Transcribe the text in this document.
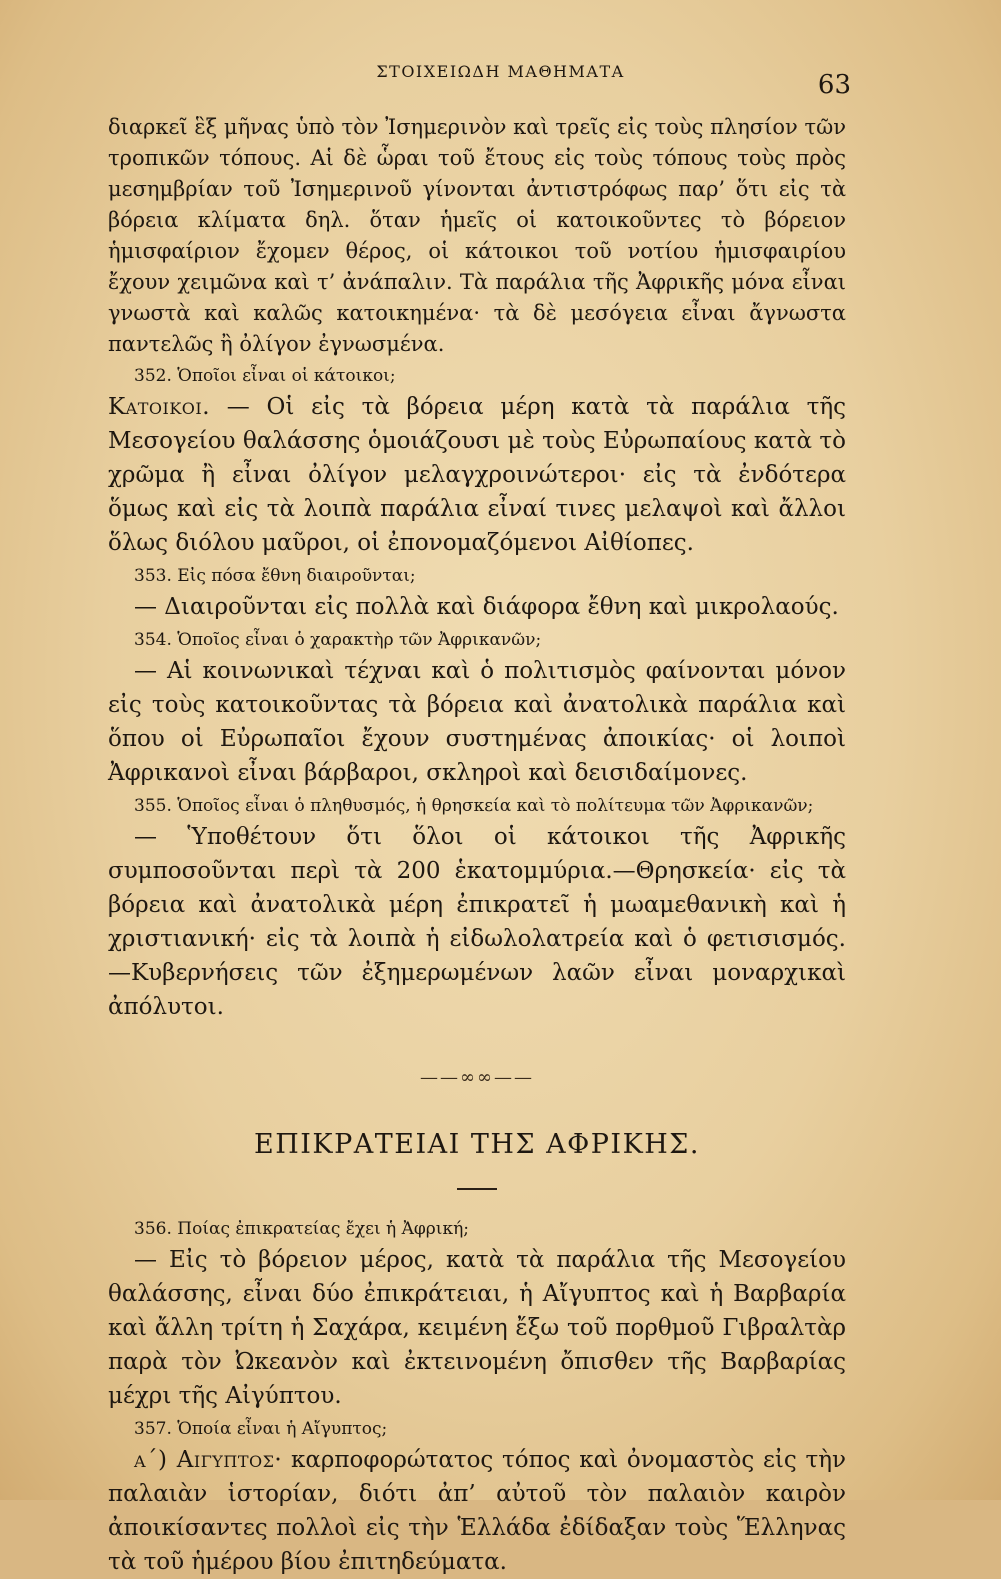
ΣΤΟΙΧΕΙΩΔΗ ΜΑΘΗΜΑΤΑ	63

διαρκεῖ ἓξ μῆνας ὑπὸ τὸν Ἰσημερινὸν καὶ τρεῖς εἰς τοὺς πλησίον τῶν τροπικῶν τόπους. Αἱ δὲ ὧραι τοῦ ἔτους εἰς τοὺς τόπους τοὺς πρὸς μεσημβρίαν τοῦ Ἰσημερινοῦ γίνονται ἀντιστρόφως παρ’ ὅτι εἰς τὰ βόρεια κλίματα δηλ. ὅταν ἡμεῖς οἱ κατοικοῦντες τὸ βόρειον ἡμισφαίριον ἔχομεν θέρος, οἱ κάτοικοι τοῦ νοτίου ἡμισφαιρίου ἔχουν χειμῶνα καὶ τ’ ἀνάπαλιν. Τὰ παράλια τῆς Ἀφρικῆς μόνα εἶναι γνωστὰ καὶ καλῶς κατοικημένα· τὰ δὲ μεσόγεια εἶναι ἄγνωστα παντελῶς ἢ ὀλίγον ἐγνωσμένα.

352. Ὁποῖοι εἶναι οἱ κάτοικοι;

Κατοικοι. — Οἱ εἰς τὰ βόρεια μέρη κατὰ τὰ παράλια τῆς Μεσογείου θαλάσσης ὁμοιάζουσι μὲ τοὺς Εὐρωπαίους κατὰ τὸ χρῶμα ἢ εἶναι ὀλίγον μελαγχροινώτεροι· εἰς τὰ ἐνδότερα ὅμως καὶ εἰς τὰ λοιπὰ παράλια εἶναί τινες μελαψοὶ καὶ ἄλλοι ὅλως διόλου μαῦροι, οἱ ἐπονομαζόμενοι Αἰθίοπες.

353. Εἰς πόσα ἔθνη διαιροῦνται;

— Διαιροῦνται εἰς πολλὰ καὶ διάφορα ἔθνη καὶ μικρολαούς.

354. Ὁποῖος εἶναι ὁ χαρακτὴρ τῶν Ἀφρικανῶν;

— Αἱ κοινωνικαὶ τέχναι καὶ ὁ πολιτισμὸς φαίνονται μόνον εἰς τοὺς κατοικοῦντας τὰ βόρεια καὶ ἀνατολικὰ παράλια καὶ ὅπου οἱ Εὐρωπαῖοι ἔχουν συστημένας ἀποικίας· οἱ λοιποὶ Ἀφρικανοὶ εἶναι βάρβαροι, σκληροὶ καὶ δεισιδαίμονες.

355. Ὁποῖος εἶναι ὁ πληθυσμός, ἡ θρησκεία καὶ τὸ πολίτευμα τῶν Ἀφρικανῶν;

— Ὑποθέτουν ὅτι ὅλοι οἱ κάτοικοι τῆς Ἀφρικῆς συμποσοῦνται περὶ τὰ 200 ἑκατομμύρια.—Θρησκεία· εἰς τὰ βόρεια καὶ ἀνατολικὰ μέρη ἐπικρατεῖ ἡ μωαμεθανικὴ καὶ ἡ χριστιανική· εἰς τὰ λοιπὰ ἡ εἰδωλολατρεία καὶ ὁ φετισισμός.—Κυβερνήσεις τῶν ἐξημερωμένων λαῶν εἶναι μοναρχικαὶ ἀπόλυτοι.

——∞∞——
ΕΠΙΚΡΑΤΕΙΑΙ ΤΗΣ ΑΦΡΙΚΗΣ.

356. Ποίας ἐπικρατείας ἔχει ἡ Ἀφρική;

— Εἰς τὸ βόρειον μέρος, κατὰ τὰ παράλια τῆς Μεσογείου θαλάσσης, εἶναι δύο ἐπικράτειαι, ἡ Αἴγυπτος καὶ ἡ Βαρβαρία καὶ ἄλλη τρίτη ἡ Σαχάρα, κειμένη ἔξω τοῦ πορθμοῦ Γιβραλτὰρ παρὰ τὸν Ὠκεανὸν καὶ ἐκτεινομένη ὄπισθεν τῆς Βαρβαρίας μέχρι τῆς Αἰγύπτου.

357. Ὁποία εἶναι ἡ Αἴγυπτος;

α΄) Αιγυπτος· καρποφορώτατος τόπος καὶ ὀνομαστὸς εἰς τὴν παλαιὰν ἱστορίαν, διότι ἀπ’ αὐτοῦ τὸν παλαιὸν καιρὸν ἀποικίσαντες πολλοὶ εἰς τὴν Ἑλλάδα ἐδίδαξαν τοὺς Ἕλληνας τὰ τοῦ ἡμέρου βίου ἐπιτηδεύματα.
